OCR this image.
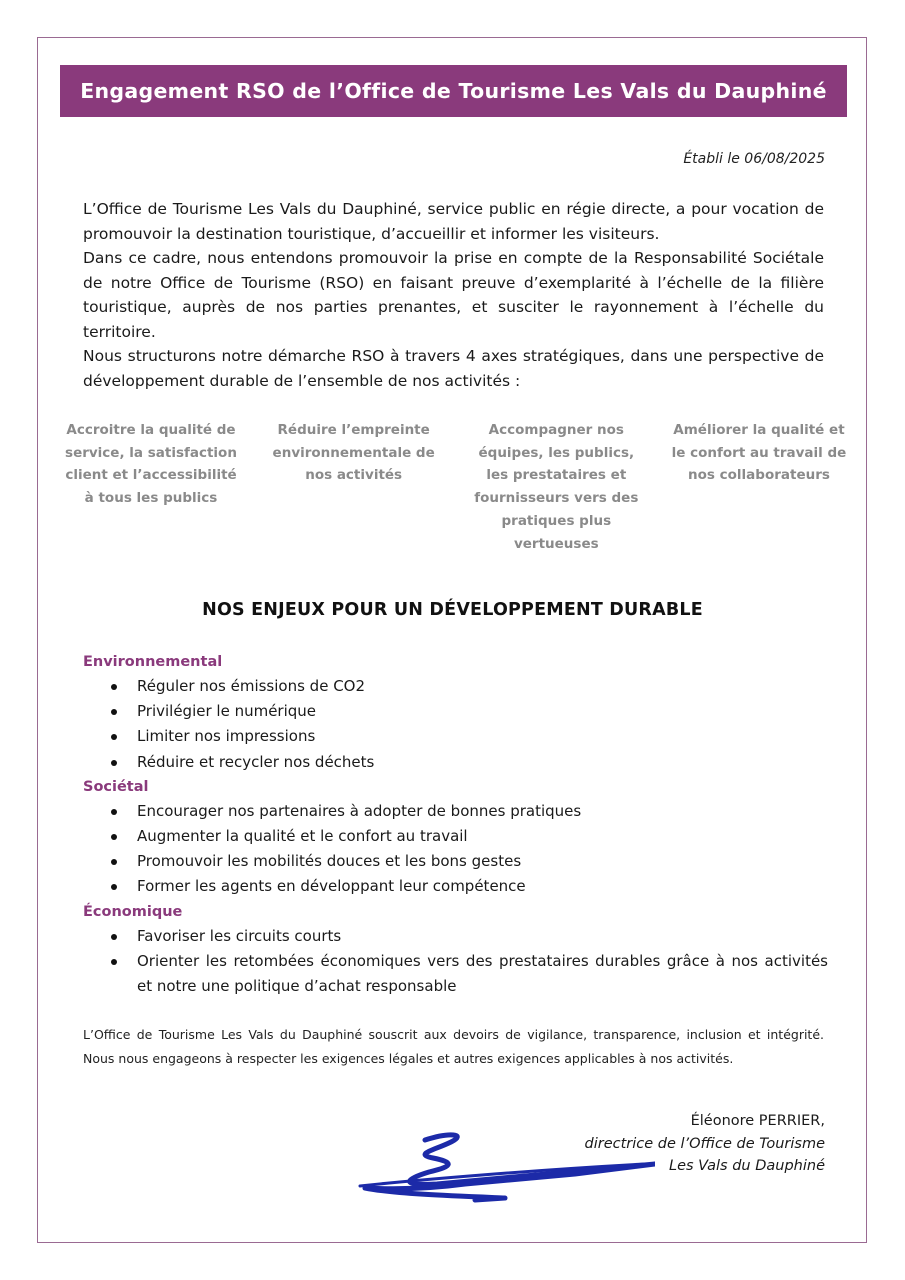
Engagement RSO de l’Office de Tourisme Les Vals du Dauphiné
Établi le 06/08/2025

L’Office de Tourisme Les Vals du Dauphiné, service public en régie directe, a pour vocation de promouvoir la destination touristique, d’accueillir et informer les visiteurs.

Dans ce cadre, nous entendons promouvoir la prise en compte de la Responsabilité Sociétale de notre Office de Tourisme (RSO) en faisant preuve d’exemplarité à l’échelle de la filière touristique, auprès de nos parties prenantes, et susciter le rayonnement à l’échelle du territoire.

Nous structurons notre démarche RSO à travers 4 axes stratégiques, dans une perspective de développement durable de l’ensemble de nos activités :

Accroitre la qualité de service, la satisfaction client et l’accessibilité à tous les publics
Réduire l’empreinte environnementale de nos activités
Accompagner nos équipes, les publics, les prestataires et fournisseurs vers des pratiques plus vertueuses
Améliorer la qualité et le confort au travail de nos collaborateurs
NOS ENJEUX POUR UN DÉVELOPPEMENT DURABLE
Environnemental
Réguler nos émissions de CO2
Privilégier le numérique
Limiter nos impressions
Réduire et recycler nos déchets
Sociétal
Encourager nos partenaires à adopter de bonnes pratiques
Augmenter la qualité et le confort au travail
Promouvoir les mobilités douces et les bons gestes
Former les agents en développant leur compétence
Économique
Favoriser les circuits courts
Orienter les retombées économiques vers des prestataires durables grâce à nos activités et notre une politique d’achat responsable

L’Office de Tourisme Les Vals du Dauphiné souscrit aux devoirs de vigilance, transparence, inclusion et intégrité. Nous nous engageons à respecter les exigences légales et autres exigences applicables à nos activités.

Éléonore PERRIER,
directrice de l’Office de Tourisme
Les Vals du Dauphiné
